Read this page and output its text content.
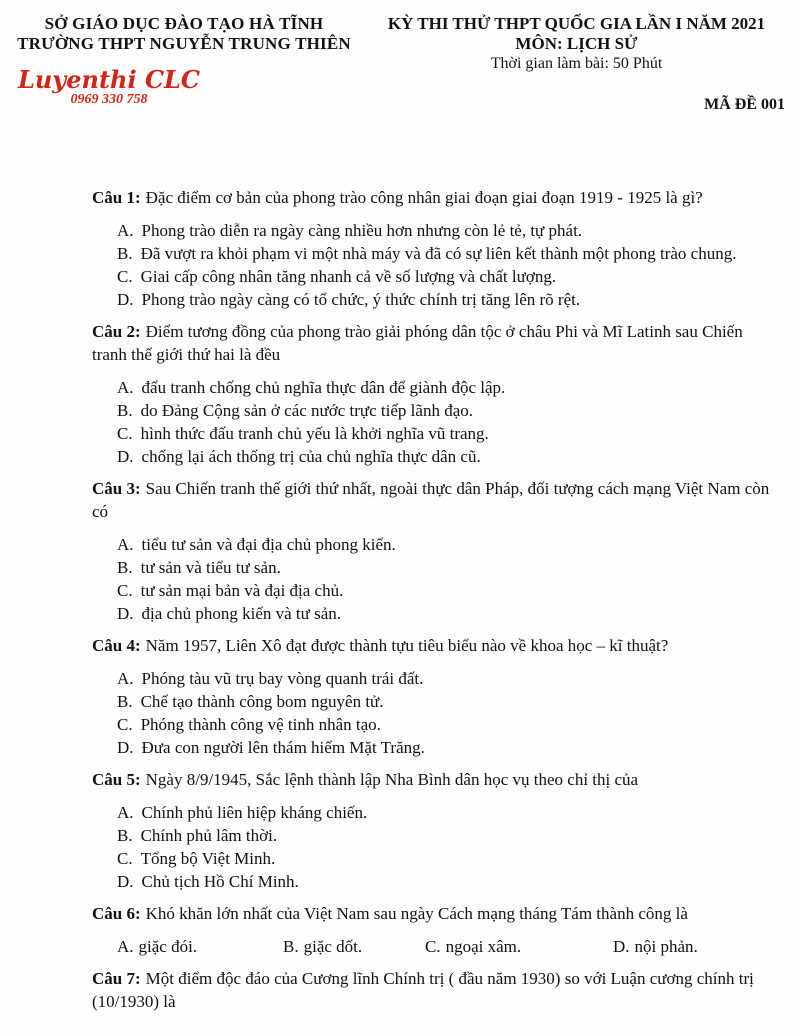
SỞ GIÁO DỤC ĐÀO TẠO HÀ TĨNH
TRƯỜNG THPT NGUYỄN TRUNG THIÊN
Luyenthi CLC
0969 330 758
KỲ THI THỬ THPT QUỐC GIA LẦN I NĂM 2021
MÔN: LỊCH SỬ
Thời gian làm bài: 50 Phút
MÃ ĐỀ 001

Câu 1: Đặc điểm cơ bản của phong trào công nhân giai đoạn giai đoạn 1919 - 1925 là gì?

A. Phong trào diễn ra ngày càng nhiều hơn nhưng còn lẻ tẻ, tự phát.
B. Đã vượt ra khỏi phạm vi một nhà máy và đã có sự liên kết thành một phong trào chung.
C. Giai cấp công nhân tăng nhanh cả về số lượng và chất lượng.
D. Phong trào ngày càng có tổ chức, ý thức chính trị tăng lên rõ rệt.

Câu 2: Điểm tương đồng của phong trào giải phóng dân tộc ở châu Phi và Mĩ Latinh sau Chiến tranh thế giới thứ hai là đều

A. đấu tranh chống chủ nghĩa thực dân để giành độc lập.
B. do Đảng Cộng sản ở các nước trực tiếp lãnh đạo.
C. hình thức đấu tranh chủ yếu là khởi nghĩa vũ trang.
D. chống lại ách thống trị của chủ nghĩa thực dân cũ.

Câu 3: Sau Chiến tranh thế giới thứ nhất, ngoài thực dân Pháp, đối tượng cách mạng Việt Nam còn có

A. tiểu tư sản và đại địa chủ phong kiến.
B. tư sản và tiểu tư sản.
C. tư sản mại bản và đại địa chủ.
D. địa chủ phong kiến và tư sản.

Câu 4: Năm 1957, Liên Xô đạt được thành tựu tiêu biểu nào về khoa học – kĩ thuật?

A. Phóng tàu vũ trụ bay vòng quanh trái đất.
B. Chế tạo thành công bom nguyên tử.
C. Phóng thành công vệ tinh nhân tạo.
D. Đưa con người lên thám hiểm Mặt Trăng.

Câu 5: Ngày 8/9/1945, Sắc lệnh thành lập Nha Bình dân học vụ theo chỉ thị của

A. Chính phủ liên hiệp kháng chiến.
B. Chính phủ lâm thời.
C. Tổng bộ Việt Minh.
D. Chủ tịch Hồ Chí Minh.

Câu 6: Khó khăn lớn nhất của Việt Nam sau ngày Cách mạng tháng Tám thành công là

A. giặc đói.	B. giặc dốt.	C. ngoại xâm.	D. nội phản.

Câu 7: Một điểm độc đáo của Cương lĩnh Chính trị ( đầu năm 1930) so với Luận cương chính trị (10/1930) là
